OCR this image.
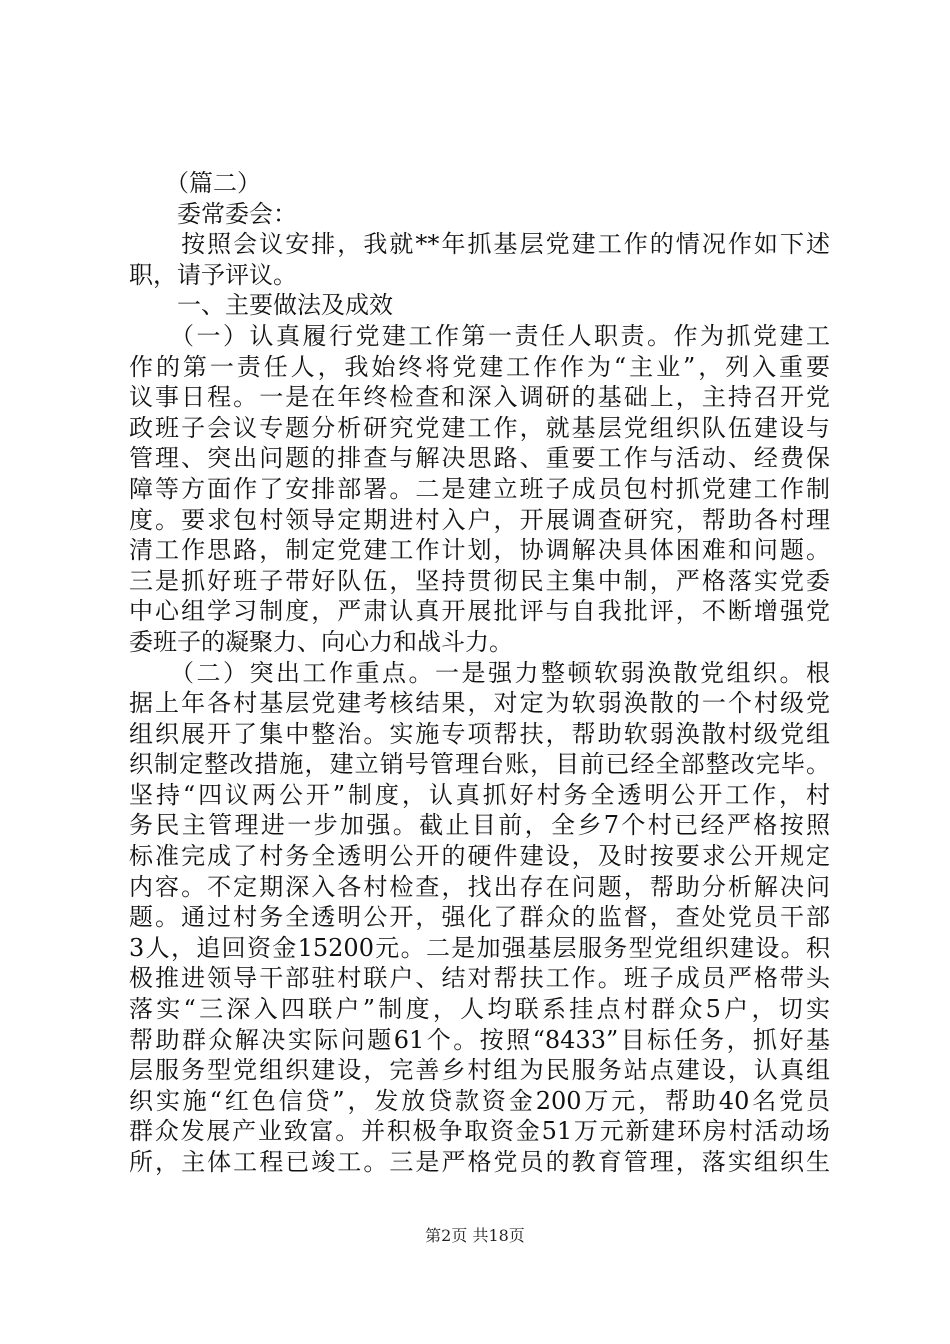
　　（篇二）
　　委常委会：
　　按照会议安排，我就**年抓基层党建工作的情况作如下述
职，请予评议。
　　一、主要做法及成效
　　（一）认真履行党建工作第一责任人职责。作为抓党建工
作的第一责任人，我始终将党建工作作为“主业”，列入重要
议事日程。一是在年终检查和深入调研的基础上，主持召开党
政班子会议专题分析研究党建工作，就基层党组织队伍建设与
管理、突出问题的排查与解决思路、重要工作与活动、经费保
障等方面作了安排部署。二是建立班子成员包村抓党建工作制
度。要求包村领导定期进村入户，开展调查研究，帮助各村理
清工作思路，制定党建工作计划，协调解决具体困难和问题。
三是抓好班子带好队伍，坚持贯彻民主集中制，严格落实党委
中心组学习制度，严肃认真开展批评与自我批评，不断增强党
委班子的凝聚力、向心力和战斗力。
　　（二）突出工作重点。一是强力整顿软弱涣散党组织。根
据上年各村基层党建考核结果，对定为软弱涣散的一个村级党
组织展开了集中整治。实施专项帮扶，帮助软弱涣散村级党组
织制定整改措施，建立销号管理台账，目前已经全部整改完毕。
坚持“四议两公开”制度，认真抓好村务全透明公开工作，村
务民主管理进一步加强。截止目前，全乡7个村已经严格按照
标准完成了村务全透明公开的硬件建设，及时按要求公开规定
内容。不定期深入各村检查，找出存在问题，帮助分析解决问
题。通过村务全透明公开，强化了群众的监督，查处党员干部
3人，追回资金15200元。二是加强基层服务型党组织建设。积
极推进领导干部驻村联户、结对帮扶工作。班子成员严格带头
落实“三深入四联户”制度，人均联系挂点村群众5户，切实
帮助群众解决实际问题61个。按照“8433”目标任务，抓好基
层服务型党组织建设，完善乡村组为民服务站点建设，认真组
织实施“红色信贷”，发放贷款资金200万元，帮助40名党员
群众发展产业致富。并积极争取资金51万元新建环房村活动场
所，主体工程已竣工。三是严格党员的教育管理，落实组织生
第2页 共18页
